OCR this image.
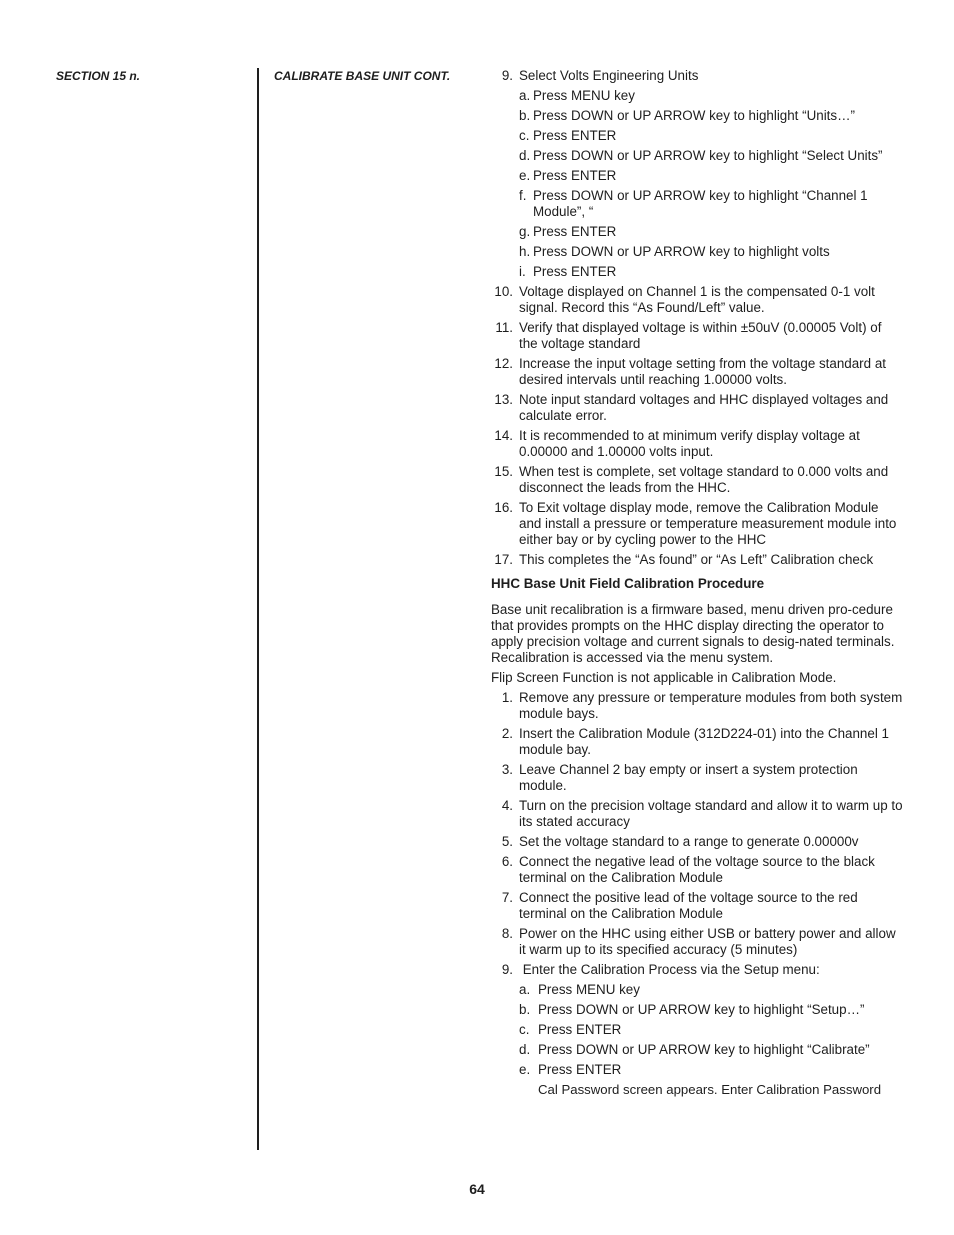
SECTION 15 n.	CALIBRATE BASE UNIT CONT.	9. Select Volts Engineering Units
a. Press MENU key
b. Press DOWN or UP ARROW key to highlight “Units…”
c. Press ENTER
d. Press DOWN or UP ARROW key to highlight “Select Units”
e. Press ENTER
f. Press DOWN or UP ARROW key to highlight “Channel 1 Module”, “
g. Press ENTER
h. Press DOWN or UP ARROW key to highlight volts
i. Press ENTER
10. Voltage displayed on Channel 1 is the compensated 0-1 volt signal. Record this “As Found/Left” value.
11. Verify that displayed voltage is within ±50uV (0.00005 Volt) of the voltage standard
12. Increase the input voltage setting from the voltage standard at desired intervals until reaching 1.00000 volts.
13. Note input standard voltages and HHC displayed voltages and calculate error.
14. It is recommended to at minimum verify display voltage at 0.00000 and 1.00000 volts input.
15. When test is complete, set voltage standard to 0.000 volts and disconnect the leads from the HHC.
16. To Exit voltage display mode, remove the Calibration Module and install a pressure or temperature measurement module into either bay or by cycling power to the HHC
17. This completes the “As found” or “As Left” Calibration check
HHC Base Unit Field Calibration Procedure
Base unit recalibration is a firmware based, menu driven pro-cedure that provides prompts on the HHC display directing the operator to apply precision voltage and current signals to desig-nated terminals. Recalibration is accessed via the menu system.
Flip Screen Function is not applicable in Calibration Mode.
1. Remove any pressure or temperature modules from both system module bays.
2. Insert the Calibration Module (312D224-01) into the Channel 1 module bay.
3. Leave Channel 2 bay empty or insert a system protection module.
4. Turn on the precision voltage standard and allow it to warm up to its stated accuracy
5. Set the voltage standard to a range to generate 0.00000v
6. Connect the negative lead of the voltage source to the black terminal on the Calibration Module
7. Connect the positive lead of the voltage source to the red terminal on the Calibration Module
8. Power on the HHC using either USB or battery power and allow it warm up to its specified accuracy (5 minutes)
9. Enter the Calibration Process via the Setup menu:
a. Press MENU key
b. Press DOWN or UP ARROW key to highlight “Setup…”
c. Press ENTER
d. Press DOWN or UP ARROW key to highlight “Calibrate”
e. Press ENTER
Cal Password screen appears. Enter Calibration Password
64
